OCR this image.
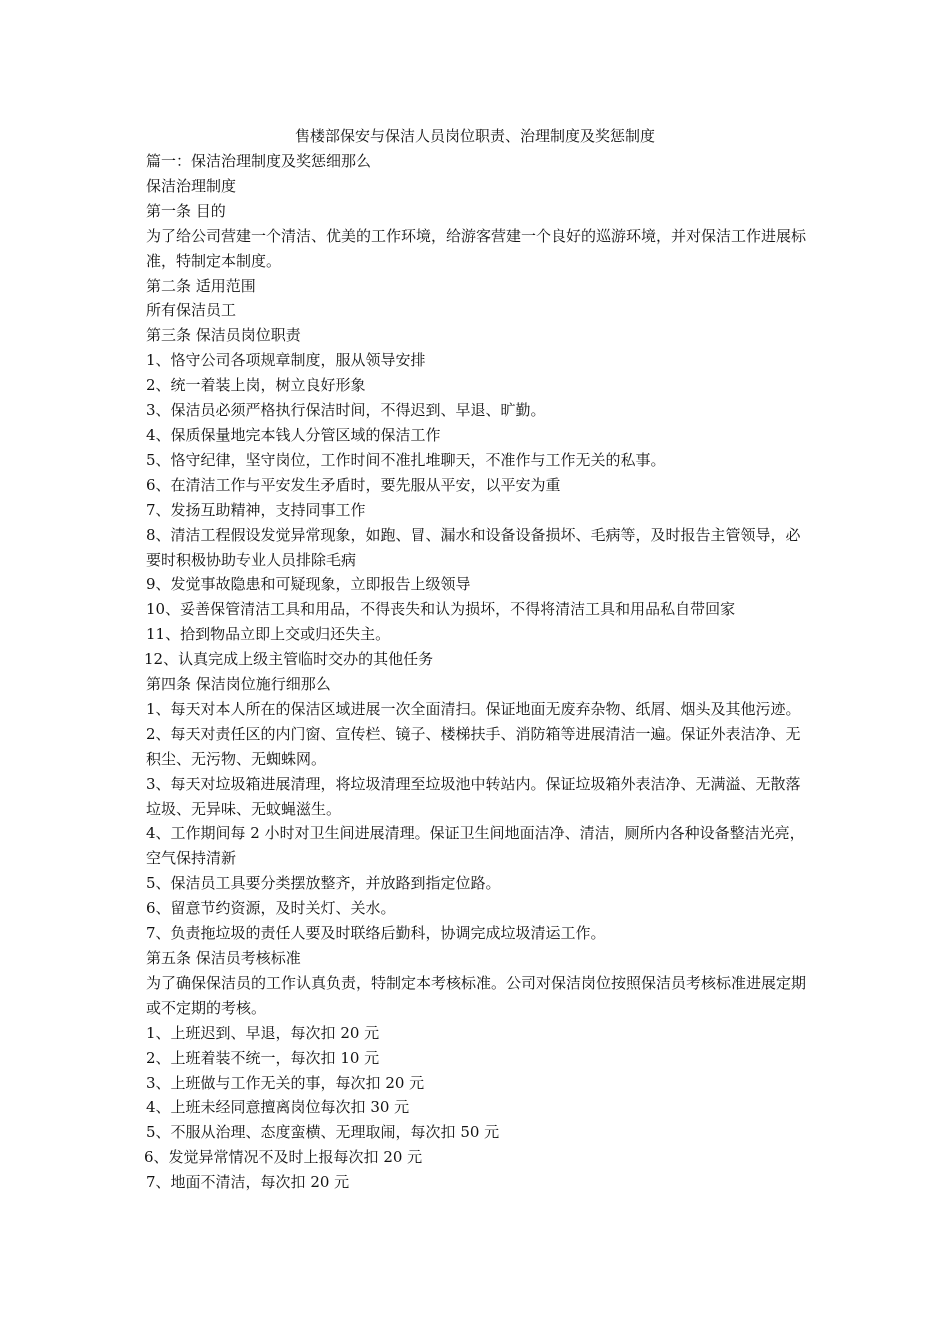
售楼部保安与保洁人员岗位职责、治理制度及奖惩制度

篇一：保洁治理制度及奖惩细那么

保洁治理制度

第一条 目的

为了给公司营建一个清洁、优美的工作环境，给游客营建一个良好的巡游环境，并对保洁工作进展标准，特制定本制度。

第二条 适用范围

所有保洁员工

第三条 保洁员岗位职责

1、恪守公司各项规章制度，服从领导安排

2、统一着装上岗，树立良好形象

3、保洁员必须严格执行保洁时间，不得迟到、早退、旷勤。

4、保质保量地完本钱人分管区域的保洁工作

5、恪守纪律，坚守岗位，工作时间不准扎堆聊天，不准作与工作无关的私事。

6、在清洁工作与平安发生矛盾时，要先服从平安，以平安为重

7、发扬互助精神，支持同事工作

8、清洁工程假设发觉异常现象，如跑、冒、漏水和设备设备损坏、毛病等，及时报告主管领导，必要时积极协助专业人员排除毛病

9、发觉事故隐患和可疑现象，立即报告上级领导

10、妥善保管清洁工具和用品，不得丧失和认为损坏，不得将清洁工具和用品私自带回家

11、拾到物品立即上交或归还失主。

12、认真完成上级主管临时交办的其他任务

第四条 保洁岗位施行细那么

1、每天对本人所在的保洁区域进展一次全面清扫。保证地面无废弃杂物、纸屑、烟头及其他污迹。

2、每天对责任区的内门窗、宣传栏、镜子、楼梯扶手、消防箱等进展清洁一遍。保证外表洁净、无积尘、无污物、无蜘蛛网。

3、每天对垃圾箱进展清理，将垃圾清理至垃圾池中转站内。保证垃圾箱外表洁净、无满溢、无散落垃圾、无异味、无蚊蝇滋生。

4、工作期间每 2 小时对卫生间进展清理。保证卫生间地面洁净、清洁，厕所内各种设备整洁光亮，空气保持清新

5、保洁员工具要分类摆放整齐，并放路到指定位路。

6、留意节约资源，及时关灯、关水。

7、负责拖垃圾的责任人要及时联络后勤科，协调完成垃圾清运工作。

第五条 保洁员考核标准

为了确保保洁员的工作认真负责，特制定本考核标准。公司对保洁岗位按照保洁员考核标准进展定期或不定期的考核。

1、上班迟到、早退，每次扣 20 元

2、上班着装不统一，每次扣 10 元

3、上班做与工作无关的事，每次扣 20 元

4、上班未经同意擅离岗位每次扣 30 元

5、不服从治理、态度蛮横、无理取闹，每次扣 50 元

6、发觉异常情况不及时上报每次扣 20 元

7、地面不清洁，每次扣 20 元
